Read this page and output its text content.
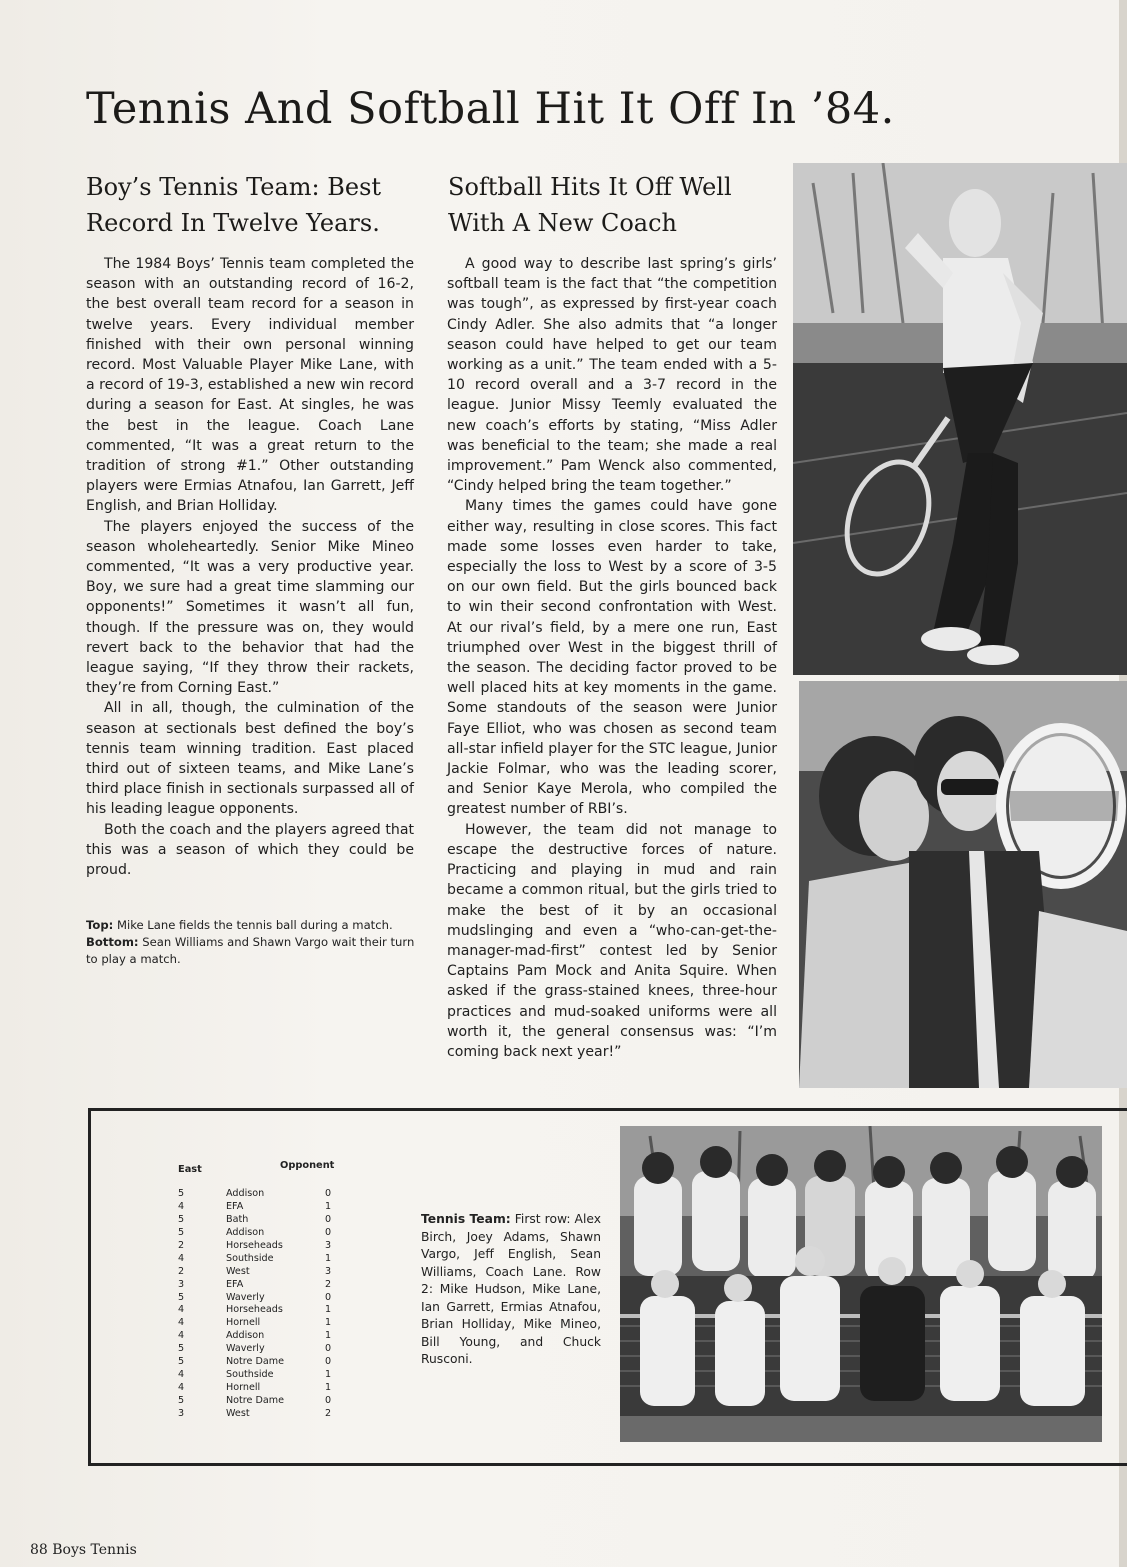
Tennis And Softball Hit It Off In ’84.
Boy’s Tennis Team: Best
Record In Twelve Years.
Softball Hits It Off Well
With A New Coach

The 1984 Boys’ Tennis team completed the season with an outstanding record of 16-2, the best overall team record for a season in twelve years. Every individual member finished with their own personal winning record. Most Valuable Player Mike Lane, with a record of 19-3, established a new win record during a season for East. At singles, he was the best in the league. Coach Lane commented, “It was a great return to the tradition of strong #1.” Other outstanding players were Ermias Atnafou, Ian Garrett, Jeff English, and Brian Holliday.

The players enjoyed the success of the season wholeheartedly. Senior Mike Mineo commented, “It was a very productive year. Boy, we sure had a great time slamming our opponents!” Sometimes it wasn’t all fun, though. If the pressure was on, they would revert back to the behavior that had the league saying, “If they throw their rackets, they’re from Corning East.”

All in all, though, the culmination of the season at sectionals best defined the boy’s tennis team winning tradition. East placed third out of sixteen teams, and Mike Lane’s third place finish in sectionals surpassed all of his leading league opponents.

Both the coach and the players agreed that this was a season of which they could be proud.

Top: Mike Lane fields the tennis ball during a match.

Bottom: Sean Williams and Shawn Vargo wait their turn to play a match.

A good way to describe last spring’s girls’ softball team is the fact that “the competition was tough”, as expressed by first-year coach Cindy Adler. She also admits that “a longer season could have helped to get our team working as a unit.” The team ended with a 5-10 record overall and a 3-7 record in the league. Junior Missy Teemly evaluated the new coach’s efforts by stating, “Miss Adler was beneficial to the team; she made a real improvement.” Pam Wenck also commented, “Cindy helped bring the team together.”

Many times the games could have gone either way, resulting in close scores. This fact made some losses even harder to take, especially the loss to West by a score of 3-5 on our own field. But the girls bounced back to win their second confrontation with West. At our rival’s field, by a mere one run, East triumphed over West in the biggest thrill of the season. The deciding factor proved to be well placed hits at key moments in the game. Some standouts of the season were Junior Faye Elliot, who was chosen as second team all-star infield player for the STC league, Junior Jackie Folmar, who was the leading scorer, and Senior Kaye Merola, who compiled the greatest number of RBI’s.

However, the team did not manage to escape the destructive forces of nature. Practicing and playing in mud and rain became a common ritual, but the girls tried to make the best of it by an occasional mudslinging and even a “who-can-get-the-manager-mad-first” contest led by Senior Captains Pam Mock and Anita Squire. When asked if the grass-stained knees, three-hour practices and mud-soaked uniforms were all worth it, the general consensus was: “I’m coming back next year!”

East	Opponent
5	Addison	0
4	EFA	1
5	Bath	0
5	Addison	0
2	Horseheads	3
4	Southside	1
2	West	3
3	EFA	2
5	Waverly	0
4	Horseheads	1
4	Hornell	1
4	Addison	1
5	Waverly	0
5	Notre Dame	0
4	Southside	1
4	Hornell	1
5	Notre Dame	0
3	West	2
Tennis Team: First row: Alex Birch, Joey Adams, Shawn Vargo, Jeff English, Sean Williams, Coach Lane. Row 2: Mike Hudson, Mike Lane, Ian Garrett, Ermias Atnafou, Brian Holliday, Mike Mineo, Bill Young, and Chuck Rusconi.
88 Boys Tennis
